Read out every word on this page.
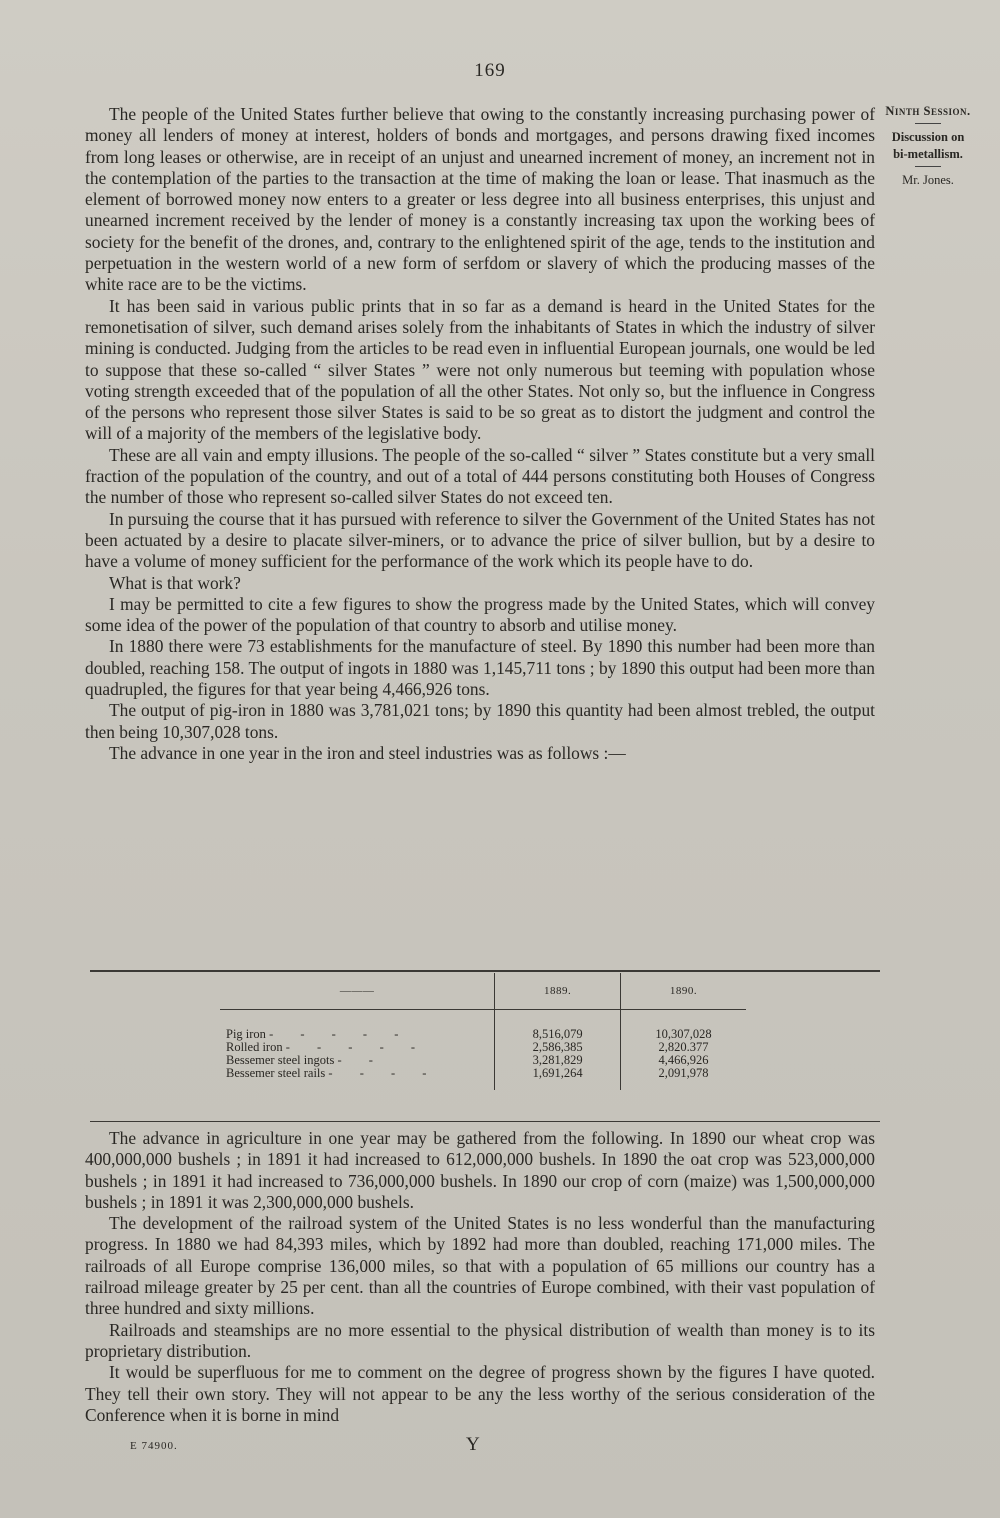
169
Ninth Session.
Discussion on bi-metallism.
Mr. Jones.

The people of the United States further believe that owing to the constantly increasing purchasing power of money all lenders of money at interest, holders of bonds and mortgages, and persons drawing fixed incomes from long leases or otherwise, are in receipt of an unjust and unearned increment of money, an increment not in the contemplation of the parties to the transaction at the time of making the loan or lease. That inasmuch as the element of borrowed money now enters to a greater or less degree into all business enterprises, this unjust and unearned increment received by the lender of money is a constantly increasing tax upon the working bees of society for the benefit of the drones, and, contrary to the enlightened spirit of the age, tends to the institution and perpetuation in the western world of a new form of serfdom or slavery of which the producing masses of the white race are to be the victims.

It has been said in various public prints that in so far as a demand is heard in the United States for the remonetisation of silver, such demand arises solely from the inhabitants of States in which the industry of silver mining is conducted. Judging from the articles to be read even in influential European journals, one would be led to suppose that these so-called “ silver States ” were not only numerous but teeming with population whose voting strength exceeded that of the population of all the other States. Not only so, but the influence in Congress of the persons who represent those silver States is said to be so great as to distort the judgment and control the will of a majority of the members of the legislative body.

These are all vain and empty illusions. The people of the so-called “ silver ” States constitute but a very small fraction of the population of the country, and out of a total of 444 persons constituting both Houses of Congress the number of those who represent so-called silver States do not exceed ten.

In pursuing the course that it has pursued with reference to silver the Government of the United States has not been actuated by a desire to placate silver-miners, or to advance the price of silver bullion, but by a desire to have a volume of money sufficient for the performance of the work which its people have to do.

What is that work?

I may be permitted to cite a few figures to show the progress made by the United States, which will convey some idea of the power of the population of that country to absorb and utilise money.

In 1880 there were 73 establishments for the manufacture of steel. By 1890 this number had been more than doubled, reaching 158. The output of ingots in 1880 was 1,145,711 tons ; by 1890 this output had been more than quadrupled, the figures for that year being 4,466,926 tons.

The output of pig-iron in 1880 was 3,781,021 tons; by 1890 this quantity had been almost trebled, the output then being 10,307,028 tons.

The advance in one year in the iron and steel industries was as follows :—

———	1889.	1890.
Pig iron - - - - -	8,516,079	10,307,028
Rolled iron - - - - -	2,586,385	2,820.377
Bessemer steel ingots - -	3,281,829	4,466,926
Bessemer steel rails - - - -	1,691,264	2,091,978

The advance in agriculture in one year may be gathered from the following. In 1890 our wheat crop was 400,000,000 bushels ; in 1891 it had increased to 612,000,000 bushels. In 1890 the oat crop was 523,000,000 bushels ; in 1891 it had increased to 736,000,000 bushels. In 1890 our crop of corn (maize) was 1,500,000,000 bushels ; in 1891 it was 2,300,000,000 bushels.

The development of the railroad system of the United States is no less wonderful than the manufacturing progress. In 1880 we had 84,393 miles, which by 1892 had more than doubled, reaching 171,000 miles. The railroads of all Europe comprise 136,000 miles, so that with a population of 65 millions our country has a railroad mileage greater by 25 per cent. than all the countries of Europe combined, with their vast population of three hundred and sixty millions.

Railroads and steamships are no more essential to the physical distribution of wealth than money is to its proprietary distribution.

It would be superfluous for me to comment on the degree of progress shown by the figures I have quoted. They tell their own story. They will not appear to be any the less worthy of the serious consideration of the Conference when it is borne in mind

E 74900.	Y
